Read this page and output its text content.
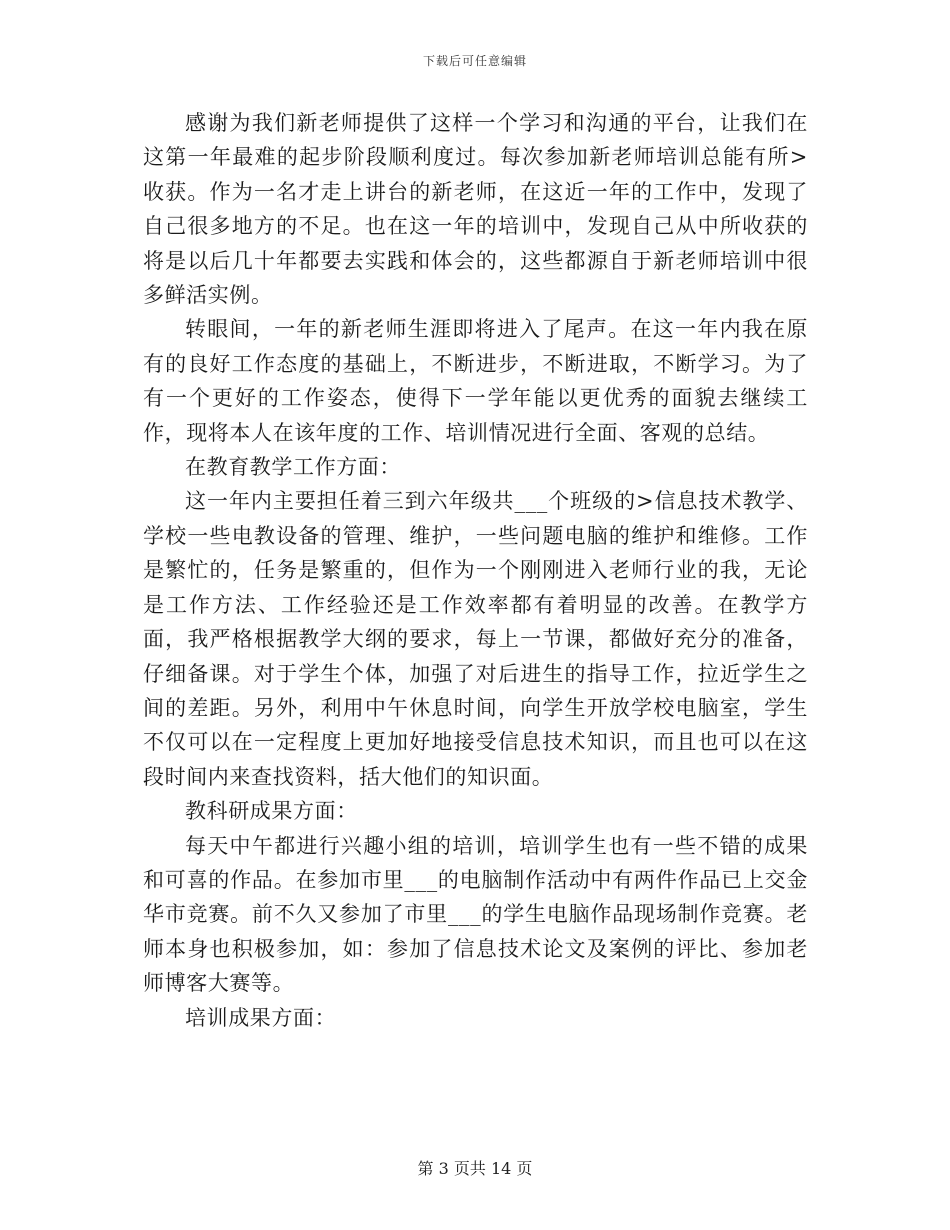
下载后可任意编辑

感谢为我们新老师提供了这样一个学习和沟通的平台，让我们在这第一年最难的起步阶段顺利度过。每次参加新老师培训总能有所>收获。作为一名才走上讲台的新老师，在这近一年的工作中，发现了自己很多地方的不足。也在这一年的培训中，发现自己从中所收获的将是以后几十年都要去实践和体会的，这些都源自于新老师培训中很多鲜活实例。

转眼间，一年的新老师生涯即将进入了尾声。在这一年内我在原有的良好工作态度的基础上，不断进步，不断进取，不断学习。为了有一个更好的工作姿态，使得下一学年能以更优秀的面貌去继续工作，现将本人在该年度的工作、培训情况进行全面、客观的总结。

在教育教学工作方面：

这一年内主要担任着三到六年级共___个班级的>信息技术教学、学校一些电教设备的管理、维护，一些问题电脑的维护和维修。工作是繁忙的，任务是繁重的，但作为一个刚刚进入老师行业的我，无论是工作方法、工作经验还是工作效率都有着明显的改善。在教学方面，我严格根据教学大纲的要求，每上一节课，都做好充分的准备，仔细备课。对于学生个体，加强了对后进生的指导工作，拉近学生之间的差距。另外，利用中午休息时间，向学生开放学校电脑室，学生不仅可以在一定程度上更加好地接受信息技术知识，而且也可以在这段时间内来查找资料，括大他们的知识面。

教科研成果方面：

每天中午都进行兴趣小组的培训，培训学生也有一些不错的成果和可喜的作品。在参加市里___的电脑制作活动中有两件作品已上交金华市竞赛。前不久又参加了市里___的学生电脑作品现场制作竞赛。老师本身也积极参加，如：参加了信息技术论文及案例的评比、参加老师博客大赛等。

培训成果方面：

第 3 页共 14 页
